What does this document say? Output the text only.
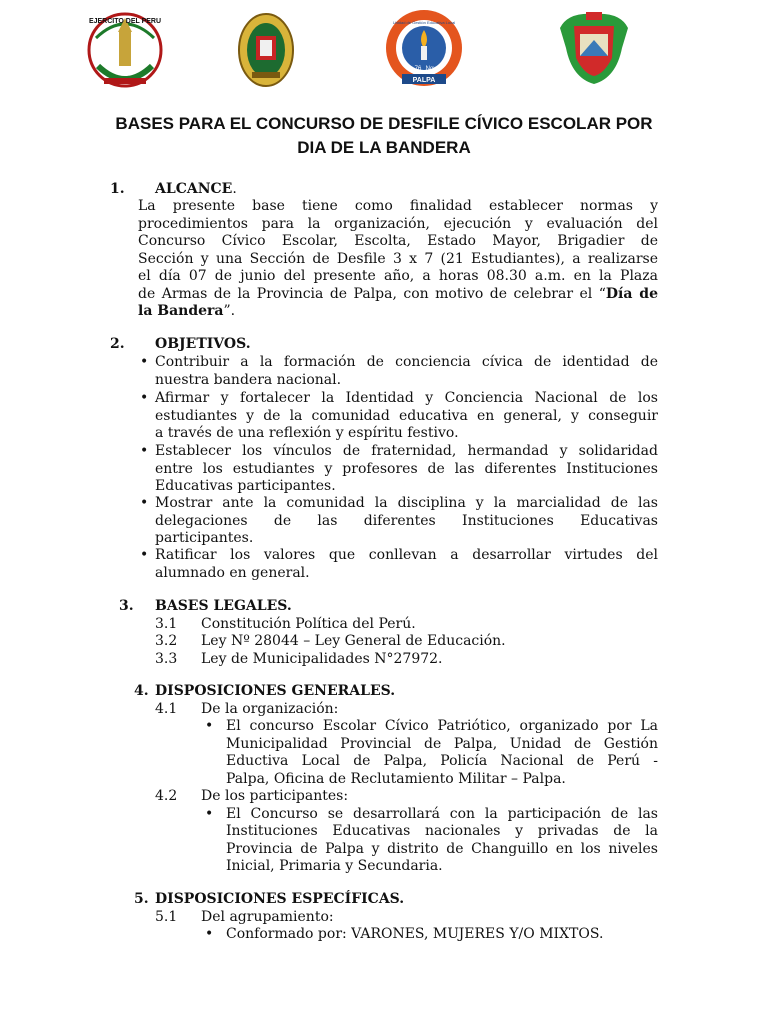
EJERCITO DEL PERU	Unidad de Gestión Educativa Local
76 Nov
PALPA
BASES PARA EL CONCURSO DE DESFILE CÍVICO ESCOLAR POR
DIA DE LA BANDERA
1. ALCANCE.
La presente base tiene como finalidad establecer normas y
procedimientos para la organización, ejecución y evaluación del
Concurso Cívico Escolar, Escolta, Estado Mayor, Brigadier de
Sección y una Sección de Desfile 3 x 7 (21 Estudiantes), a realizarse
el día 07 de junio del presente año, a horas 08.30 a.m. en la Plaza
de Armas de la Provincia de Palpa, con motivo de celebrar el “Día de
la Bandera”.
2. OBJETIVOS.
• Contribuir a la formación de conciencia cívica de identidad de
nuestra bandera nacional.
• Afirmar y fortalecer la Identidad y Conciencia Nacional de los
estudiantes y de la comunidad educativa en general, y conseguir
a través de una reflexión y espíritu festivo.
• Establecer los vínculos de fraternidad, hermandad y solidaridad
entre los estudiantes y profesores de las diferentes Instituciones
Educativas participantes.
• Mostrar ante la comunidad la disciplina y la marcialidad de las
delegaciones de las diferentes Instituciones Educativas
participantes.
• Ratificar los valores que conllevan a desarrollar virtudes del
alumnado en general.
3. BASES LEGALES.
3.1 Constitución Política del Perú.
3.2 Ley Nº 28044 – Ley General de Educación.
3.3 Ley de Municipalidades N°27972.
4. DISPOSICIONES GENERALES.
4.1 De la organización:
• El concurso Escolar Cívico Patriótico, organizado por La
Municipalidad Provincial de Palpa, Unidad de Gestión
Eductiva Local de Palpa, Policía Nacional de Perú -
Palpa, Oficina de Reclutamiento Militar – Palpa.
4.2 De los participantes:
• El Concurso se desarrollará con la participación de las
Instituciones Educativas nacionales y privadas de la
Provincia de Palpa y distrito de Changuillo en los niveles
Inicial, Primaria y Secundaria.
5. DISPOSICIONES ESPECÍFICAS.
5.1 Del agrupamiento:
• Conformado por: VARONES, MUJERES Y/O MIXTOS.
